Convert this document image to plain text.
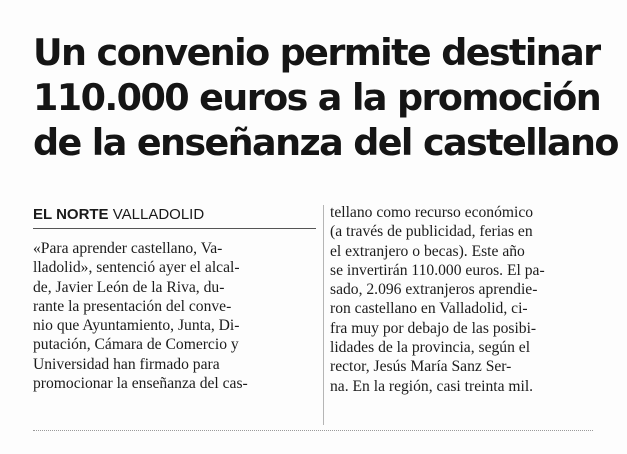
Un convenio permite destinar
110.000 euros a la promoción
de la enseñanza del castellano
EL NORTE VALLADOLID
«Para aprender castellano, Va-
lladolid», sentenció ayer el alcal-
de, Javier León de la Riva, du-
rante la presentación del conve-
nio que Ayuntamiento, Junta, Di-
putación, Cámara de Comercio y
Universidad han firmado para
promocionar la enseñanza del cas-
tellano como recurso económico
(a través de publicidad, ferias en
el extranjero o becas). Este año
se invertirán 110.000 euros. El pa-
sado, 2.096 extranjeros aprendie-
ron castellano en Valladolid, ci-
fra muy por debajo de las posibi-
lidades de la provincia, según el
rector, Jesús María Sanz Ser-
na. En la región, casi treinta mil.
